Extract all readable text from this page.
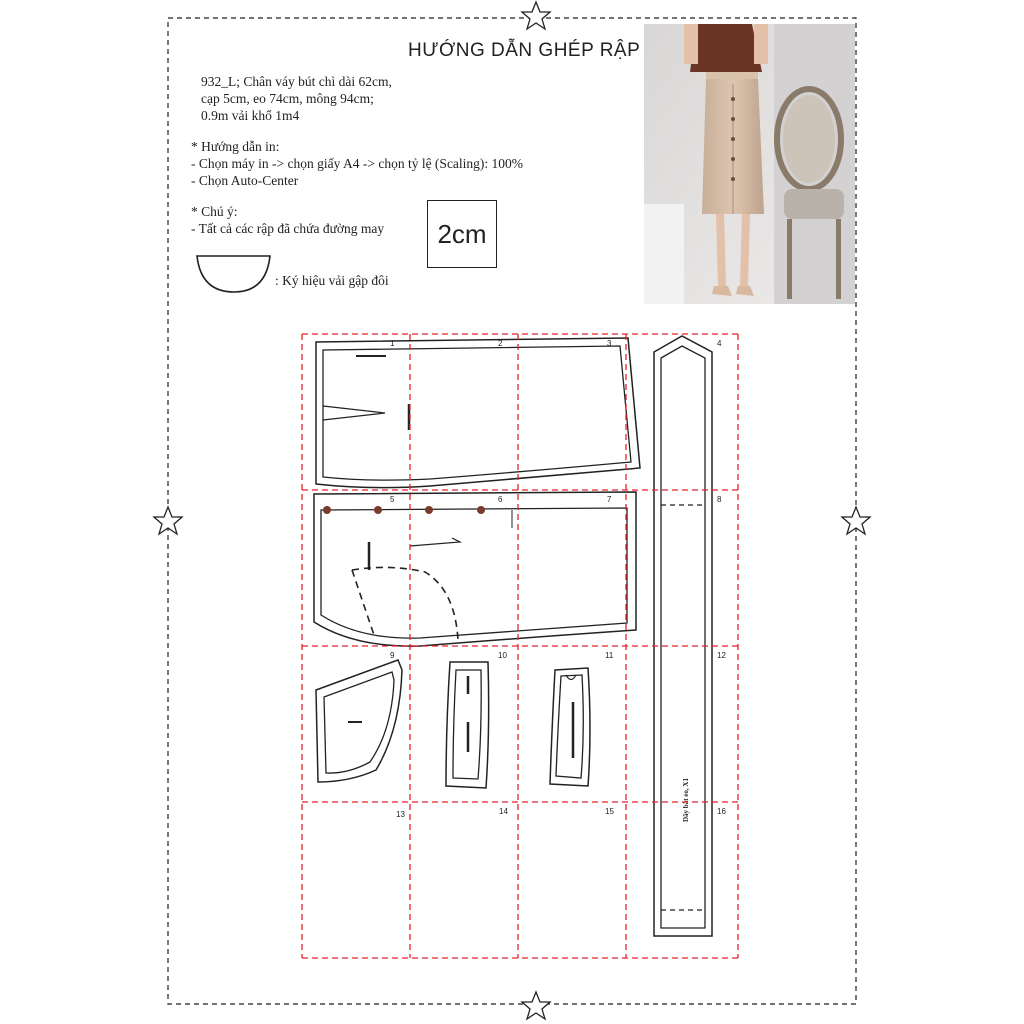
HƯỚNG DẪN GHÉP RẬP
932_L; Chân váy bút chì dài 62cm,
cạp 5cm, eo 74cm, mông 94cm;
0.9m vải khổ 1m4
* Hướng dẫn in:
- Chọn máy in -> chọn giấy A4 -> chọn tỷ lệ (Scaling): 100%
- Chọn Auto-Center
* Chú ý:
- Tất cả các rập đã chứa đường may
: Ký hiệu vải gập đôi
2cm
Dây bắt eo, X1
1	2	3	4
5	6	7	8
9	10	11	12
13	14	15	16
